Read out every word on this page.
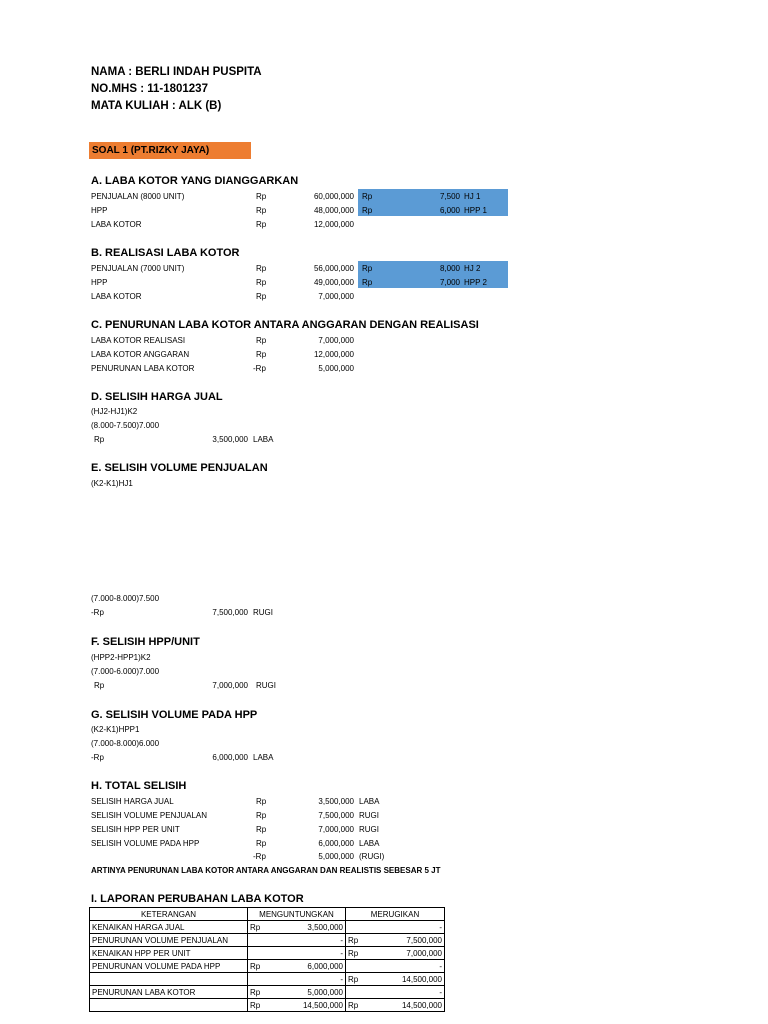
NAMA : BERLI INDAH PUSPITA
NO.MHS : 11-1801237
MATA KULIAH : ALK (B)
SOAL 1 (PT.RIZKY JAYA)
A. LABA KOTOR YANG DIANGGARKAN
PENJUALAN (8000 UNIT)	Rp	60,000,000 Rp	7,500 HJ 1
HPP	Rp	48,000,000 Rp	6,000 HPP 1
LABA KOTOR	Rp	12,000,000
B. REALISASI LABA KOTOR
PENJUALAN (7000 UNIT)	Rp	56,000,000 Rp	8,000 HJ 2
HPP	Rp	49,000,000 Rp	7,000 HPP 2
LABA KOTOR	Rp	7,000,000
C. PENURUNAN LABA KOTOR ANTARA ANGGARAN DENGAN REALISASI
LABA KOTOR REALISASI	Rp	7,000,000
LABA KOTOR ANGGARAN	Rp	12,000,000
PENURUNAN LABA KOTOR	-Rp	5,000,000
D. SELISIH HARGA JUAL
(HJ2-HJ1)K2
(8.000-7.500)7.000
Rp	3,500,000 LABA
E. SELISIH VOLUME PENJUALAN
(K2-K1)HJ1
(7.000-8.000)7.500
-Rp	7,500,000 RUGI
F. SELISIH HPP/UNIT
(HPP2-HPP1)K2
(7.000-6.000)7.000
Rp	7,000,000 RUGI
G. SELISIH VOLUME PADA HPP
(K2-K1)HPP1
(7.000-8.000)6.000
-Rp	6,000,000 LABA
H. TOTAL SELISIH
SELISIH HARGA JUAL	Rp	3,500,000 LABA
SELISIH VOLUME PENJUALAN	Rp	7,500,000 RUGI
SELISIH HPP PER UNIT	Rp	7,000,000 RUGI
SELISIH VOLUME PADA HPP	Rp	6,000,000 LABA
-Rp	5,000,000 (RUGI)
ARTINYA PENURUNAN LABA KOTOR ANTARA ANGGARAN DAN REALISTIS SEBESAR 5 JT
I. LAPORAN PERUBAHAN LABA KOTOR
KETERANGAN	MENGUNTUNGKAN		MERUGIKAN	
KENAIKAN HARGA JUAL	Rp	3,500,000		-
PENURUNAN VOLUME PENJUALAN		-	Rp	7,500,000
KENAIKAN HPP PER UNIT		-	Rp	7,000,000
PENURUNAN VOLUME PADA HPP	Rp	6,000,000		-
		-	Rp	14,500,000
PENURUNAN LABA KOTOR	Rp	5,000,000		-
	Rp	14,500,000	Rp	14,500,000
